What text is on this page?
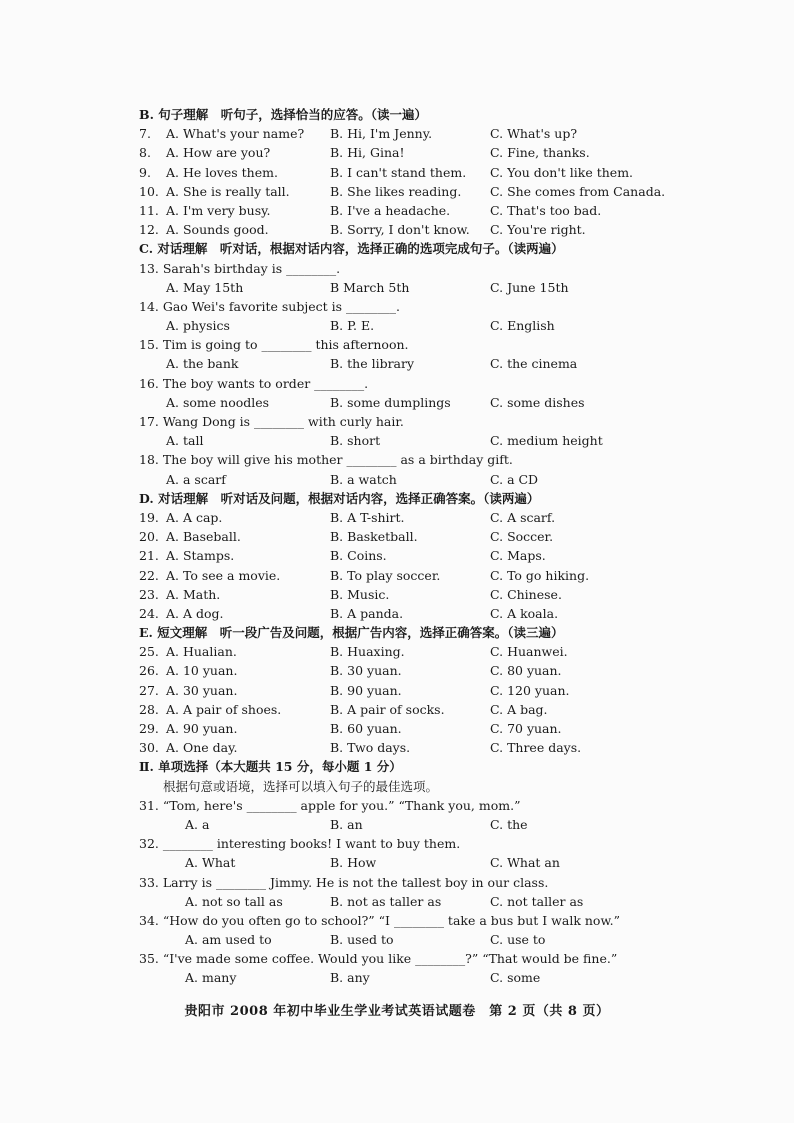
B. 句子理解　听句子，选择恰当的应答。（读一遍）
7.	A. What's your name?	B. Hi, I'm Jenny.	C. What's up?
8.	A. How are you?	B. Hi, Gina!	C. Fine, thanks.
9.	A. He loves them.	B. I can't stand them.	C. You don't like them.
10. A. She is really tall.	B. She likes reading.	C. She comes from Canada.
11. A. I'm very busy.	B. I've a headache.	C. That's too bad.
12. A. Sounds good.	B. Sorry, I don't know.	C. You're right.
C. 对话理解　听对话，根据对话内容，选择正确的选项完成句子。（读两遍）
13. Sarah's birthday is ________.
A. May 15th	B March 5th	C. June 15th
14. Gao Wei's favorite subject is ________.
A. physics	B. P. E.	C. English
15. Tim is going to ________ this afternoon.
A. the bank	B. the library	C. the cinema
16. The boy wants to order ________.
A. some noodles	B. some dumplings	C. some dishes
17. Wang Dong is ________ with curly hair.
A. tall	B. short	C. medium height
18. The boy will give his mother ________ as a birthday gift.
A. a scarf	B. a watch	C. a CD
D. 对话理解　听对话及问题，根据对话内容，选择正确答案。（读两遍）
19. A. A cap.	B. A T-shirt.	C. A scarf.
20. A. Baseball.	B. Basketball.	C. Soccer.
21. A. Stamps.	B. Coins.	C. Maps.
22. A. To see a movie.	B. To play soccer.	C. To go hiking.
23. A. Math.	B. Music.	C. Chinese.
24. A. A dog.	B. A panda.	C. A koala.
E. 短文理解　听一段广告及问题，根据广告内容，选择正确答案。（读三遍）
25. A. Hualian.	B. Huaxing.	C. Huanwei.
26. A. 10 yuan.	B. 30 yuan.	C. 80 yuan.
27. A. 30 yuan.	B. 90 yuan.	C. 120 yuan.
28. A. A pair of shoes.	B. A pair of socks.	C. A bag.
29. A. 90 yuan.	B. 60 yuan.	C. 70 yuan.
30. A. One day.	B. Two days.	C. Three days.
Ⅱ. 单项选择（本大题共 15 分，每小题 1 分）
根据句意或语境，选择可以填入句子的最佳选项。
31. “Tom, here's ________ apple for you.” “Thank you, mom.”
A. a	B. an	C. the
32. ________ interesting books! I want to buy them.
A. What	B. How	C. What an
33. Larry is ________ Jimmy. He is not the tallest boy in our class.
A. not so tall as	B. not as taller as	C. not taller as
34. “How do you often go to school?” “I ________ take a bus but I walk now.”
A. am used to	B. used to	C. use to
35. “I've made some coffee. Would you like ________?” “That would be fine.”
A. many	B. any	C. some
贵阳市 2008 年初中毕业生学业考试英语试题卷　第 2 页（共 8 页）
